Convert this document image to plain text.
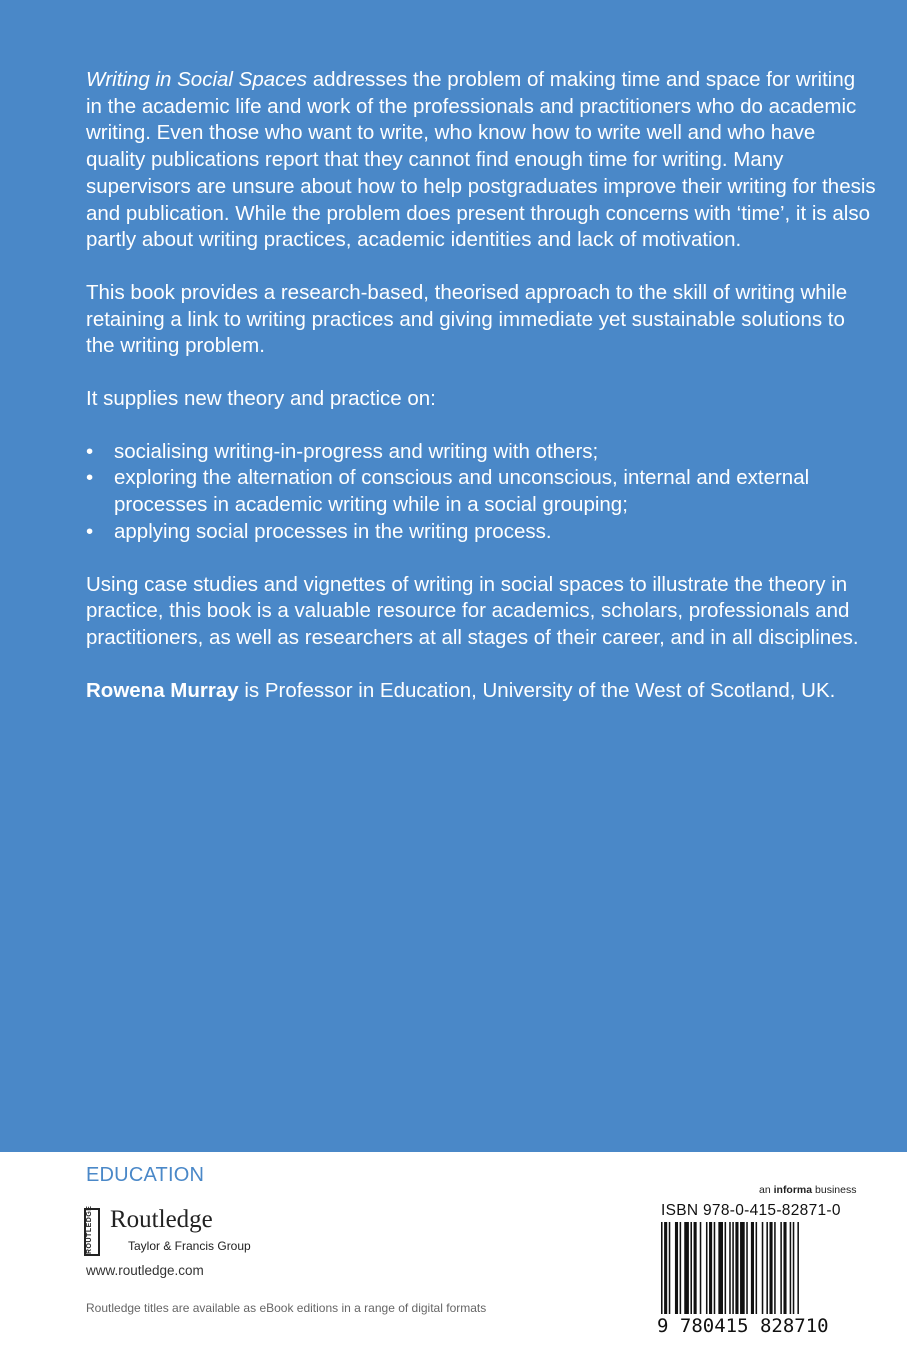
Writing in Social Spaces addresses the problem of making time and space for writing in the academic life and work of the professionals and practitioners who do academic writing. Even those who want to write, who know how to write well and who have quality publications report that they cannot find enough time for writing. Many supervisors are unsure about how to help postgraduates improve their writing for thesis and publication. While the problem does present through concerns with ‘time’, it is also partly about writing practices, academic identities and lack of motivation.

This book provides a research-based, theorised approach to the skill of writing while retaining a link to writing practices and giving immediate yet sustainable solutions to the writing problem.

It supplies new theory and practice on:

• socialising writing-in-progress and writing with others;
• exploring the alternation of conscious and unconscious, internal and external processes in academic writing while in a social grouping;
• applying social processes in the writing process.

Using case studies and vignettes of writing in social spaces to illustrate the theory in practice, this book is a valuable resource for academics, scholars, professionals and practitioners, as well as researchers at all stages of their career, and in all disciplines.

Rowena Murray is Professor in Education, University of the West of Scotland, UK.

EDUCATION
ROUTLEDGE Routledge
Taylor & Francis Group
www.routledge.com
Routledge titles are available as eBook editions in a range of digital formats
an informa business
ISBN 978-0-415-82871-0
9 780415 828710
